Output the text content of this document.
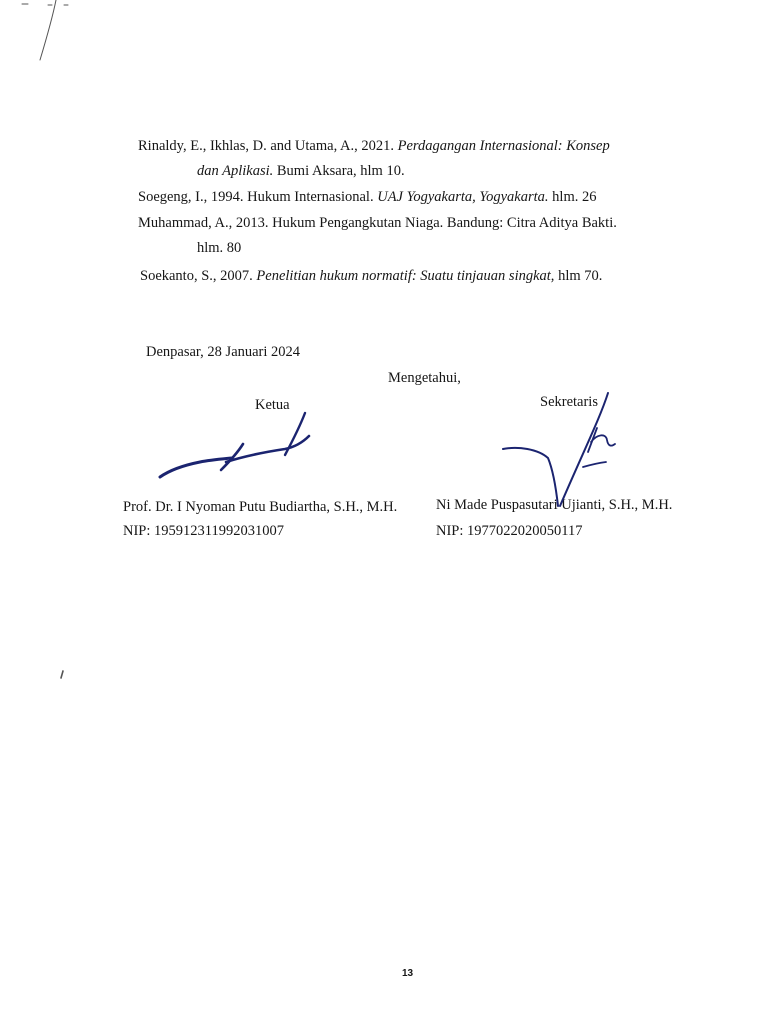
Rinaldy, E., Ikhlas, D. and Utama, A., 2021. Perdagangan Internasional: Konsep
dan Aplikasi. Bumi Aksara, hlm 10.
Soegeng, I., 1994. Hukum Internasional. UAJ Yogyakarta, Yogyakarta. hlm. 26
Muhammad, A., 2013. Hukum Pengangkutan Niaga. Bandung: Citra Aditya Bakti.
hlm. 80
Soekanto, S., 2007. Penelitian hukum normatif: Suatu tinjauan singkat, hlm 70.
Denpasar, 28 Januari 2024
Mengetahui,
Ketua	Sekretaris
Prof. Dr. I Nyoman Putu Budiartha, S.H., M.H.
NIP: 195912311992031007
Ni Made Puspasutari Ujianti, S.H., M.H.
NIP: 1977022020050117
13
